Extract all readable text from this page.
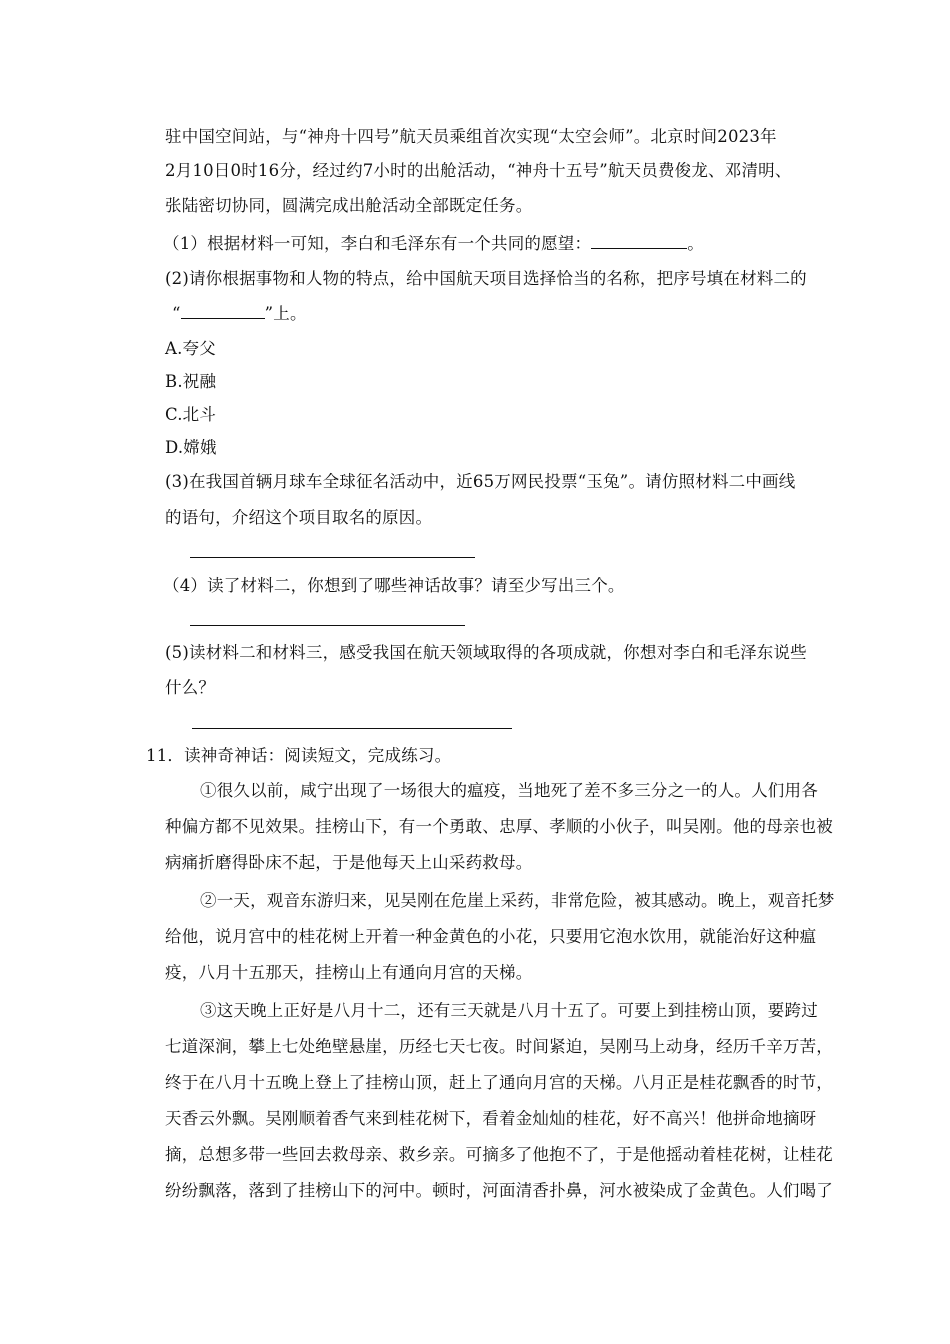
驻中国空间站，与“神舟十四号”航天员乘组首次实现“太空会师”。北京时间2023年
2月10日0时16分，经过约7小时的出舱活动，“神舟十五号”航天员费俊龙、邓清明、
张陆密切协同，圆满完成出舱活动全部既定任务。
（1）根据材料一可知，李白和毛泽东有一个共同的愿望：	。
(2)请你根据事物和人物的特点，给中国航天项目选择恰当的名称，把序号填在材料二的
“	”上。
A.夸父
B.祝融
C.北斗
D.嫦娥
(3)在我国首辆月球车全球征名活动中，近65万网民投票“玉兔”。请仿照材料二中画线
的语句，介绍这个项目取名的原因。
（4）读了材料二，你想到了哪些神话故事？请至少写出三个。
(5)读材料二和材料三，感受我国在航天领域取得的各项成就，你想对李白和毛泽东说些
什么？
11．读神奇神话：阅读短文，完成练习。
①很久以前，咸宁出现了一场很大的瘟疫，当地死了差不多三分之一的人。人们用各
种偏方都不见效果。挂榜山下，有一个勇敢、忠厚、孝顺的小伙子，叫吴刚。他的母亲也被
病痛折磨得卧床不起，于是他每天上山采药救母。
②一天，观音东游归来，见吴刚在危崖上采药，非常危险，被其感动。晚上，观音托梦
给他，说月宫中的桂花树上开着一种金黄色的小花，只要用它泡水饮用，就能治好这种瘟
疫，八月十五那天，挂榜山上有通向月宫的天梯。
③这天晚上正好是八月十二，还有三天就是八月十五了。可要上到挂榜山顶，要跨过
七道深涧，攀上七处绝壁悬崖，历经七天七夜。时间紧迫，吴刚马上动身，经历千辛万苦，
终于在八月十五晚上登上了挂榜山顶，赶上了通向月宫的天梯。八月正是桂花飘香的时节，
天香云外飘。吴刚顺着香气来到桂花树下，看着金灿灿的桂花，好不高兴！他拼命地摘呀
摘，总想多带一些回去救母亲、救乡亲。可摘多了他抱不了，于是他摇动着桂花树，让桂花
纷纷飘落，落到了挂榜山下的河中。顿时，河面清香扑鼻，河水被染成了金黄色。人们喝了
